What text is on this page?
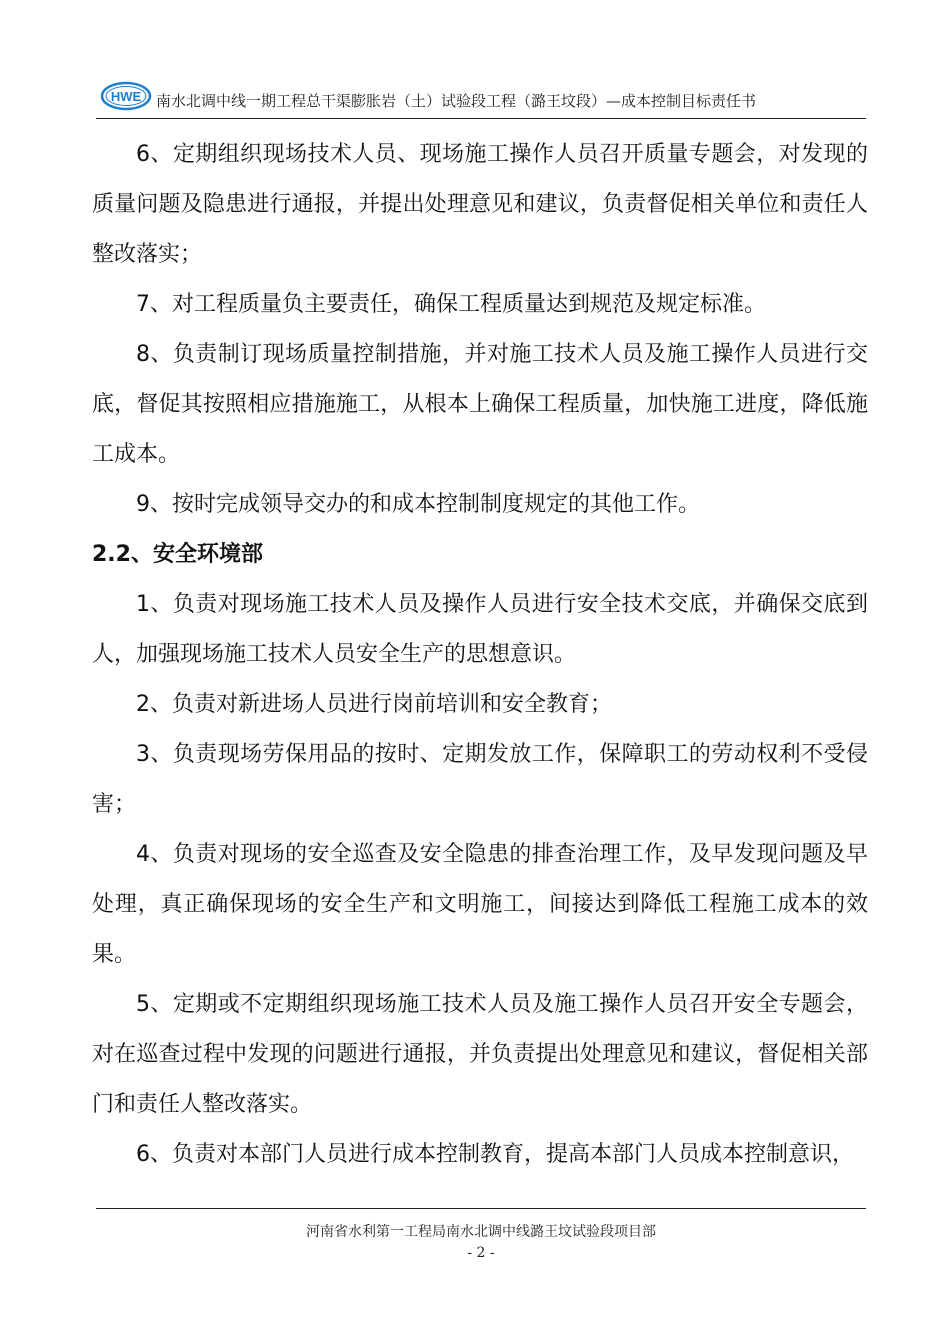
HWE 南水北调中线一期工程总干渠膨胀岩（土）试验段工程（潞王坟段）—成本控制目标责任书

6、定期组织现场技术人员、现场施工操作人员召开质量专题会，对发现的质量问题及隐患进行通报，并提出处理意见和建议，负责督促相关单位和责任人整改落实；

7、对工程质量负主要责任，确保工程质量达到规范及规定标准。

8、负责制订现场质量控制措施，并对施工技术人员及施工操作人员进行交底，督促其按照相应措施施工，从根本上确保工程质量，加快施工进度，降低施工成本。

9、按时完成领导交办的和成本控制制度规定的其他工作。

2.2、安全环境部

1、负责对现场施工技术人员及操作人员进行安全技术交底，并确保交底到人，加强现场施工技术人员安全生产的思想意识。

2、负责对新进场人员进行岗前培训和安全教育；

3、负责现场劳保用品的按时、定期发放工作，保障职工的劳动权利不受侵害；

4、负责对现场的安全巡查及安全隐患的排查治理工作，及早发现问题及早处理，真正确保现场的安全生产和文明施工，间接达到降低工程施工成本的效果。

5、定期或不定期组织现场施工技术人员及施工操作人员召开安全专题会，对在巡查过程中发现的问题进行通报，并负责提出处理意见和建议，督促相关部门和责任人整改落实。

6、负责对本部门人员进行成本控制教育，提高本部门人员成本控制意识，

河南省水利第一工程局南水北调中线潞王坟试验段项目部
- 2 -
